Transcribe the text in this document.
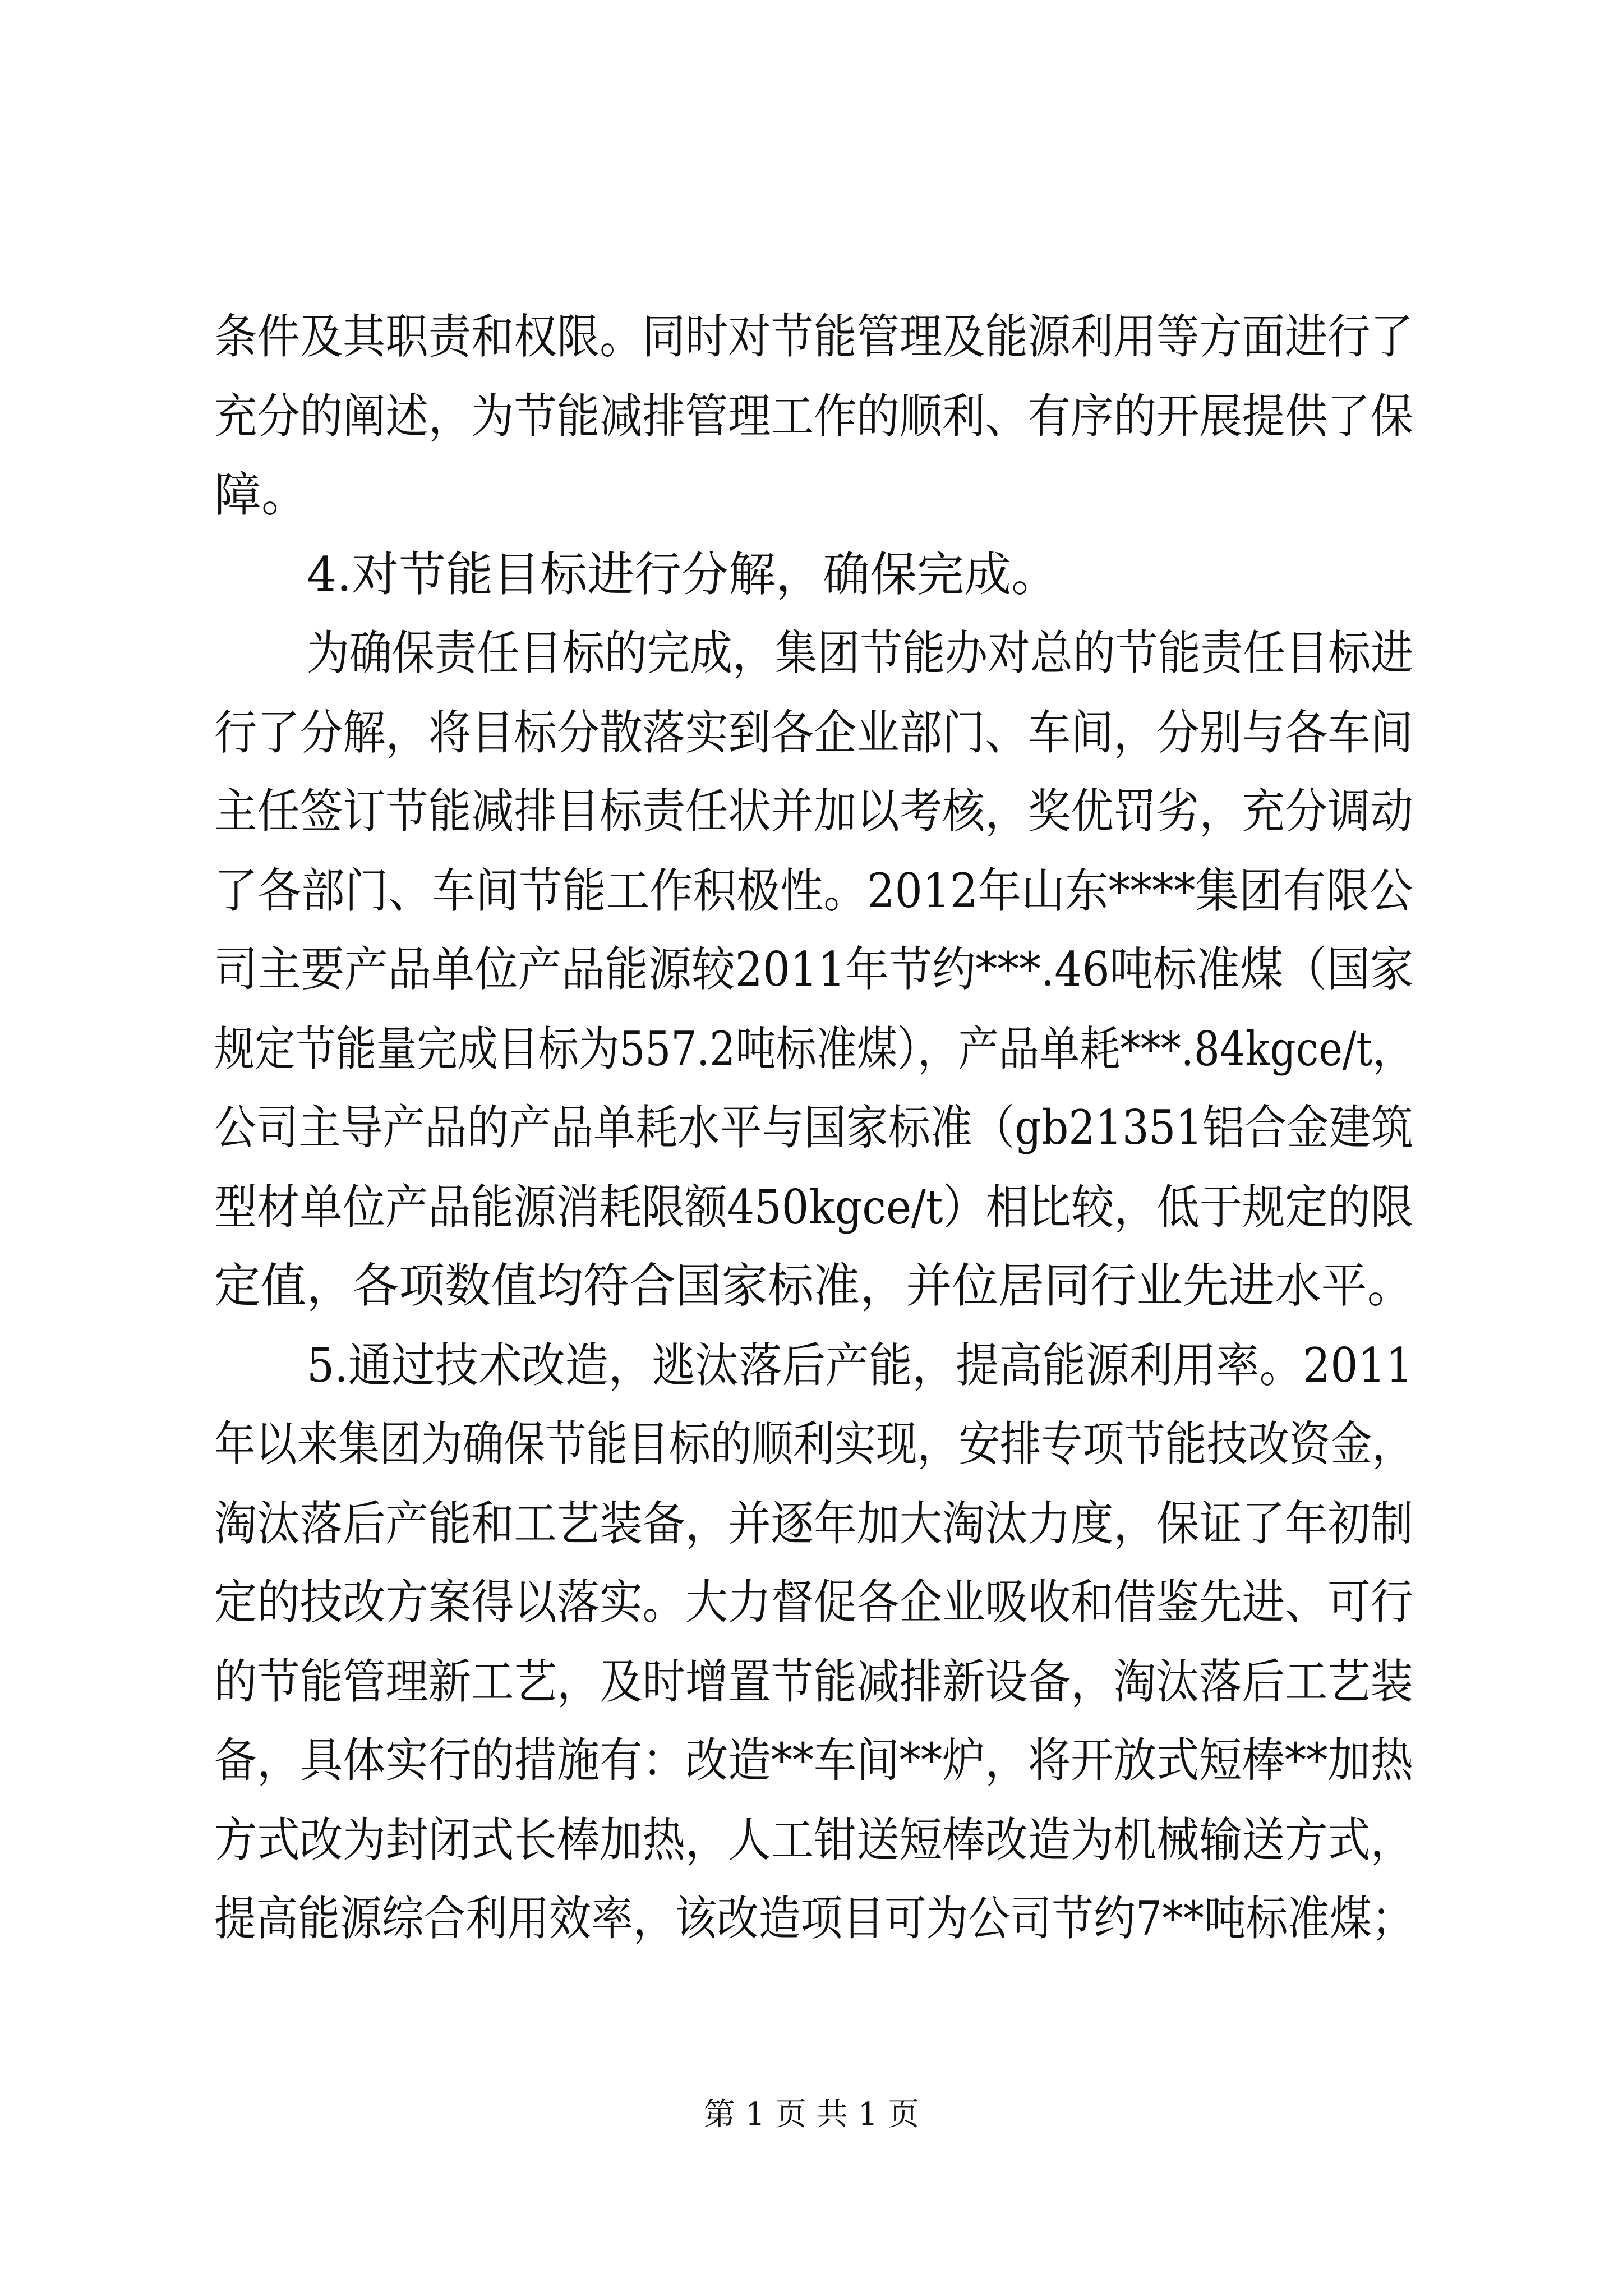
条件及其职责和权限。同时对节能管理及能源利用等方面进行了
充分的阐述，为节能减排管理工作的顺利、有序的开展提供了保
障。
4.对节能目标进行分解，确保完成。
为确保责任目标的完成，集团节能办对总的节能责任目标进
行了分解，将目标分散落实到各企业部门、车间，分别与各车间
主任签订节能减排目标责任状并加以考核，奖优罚劣，充分调动
了各部门、车间节能工作积极性。2012年山东****集团有限公
司主要产品单位产品能源较2011年节约***.46吨标准煤（国家
规定节能量完成目标为557.2吨标准煤），产品单耗***.84kgce/t，
公司主导产品的产品单耗水平与国家标准（gb21351铝合金建筑
型材单位产品能源消耗限额450kgce/t）相比较，低于规定的限
定值，各项数值均符合国家标准，并位居同行业先进水平。
5.通过技术改造，逃汰落后产能，提高能源利用率。2011
年以来集团为确保节能目标的顺利实现，安排专项节能技改资金，
淘汰落后产能和工艺装备，并逐年加大淘汰力度，保证了年初制
定的技改方案得以落实。大力督促各企业吸收和借鉴先进、可行
的节能管理新工艺，及时增置节能减排新设备，淘汰落后工艺装
备，具体实行的措施有：改造**车间**炉，将开放式短棒**加热
方式改为封闭式长棒加热，人工钳送短棒改造为机械输送方式，
提高能源综合利用效率，该改造项目可为公司节约7**吨标准煤；
第 1 页 共 1 页
